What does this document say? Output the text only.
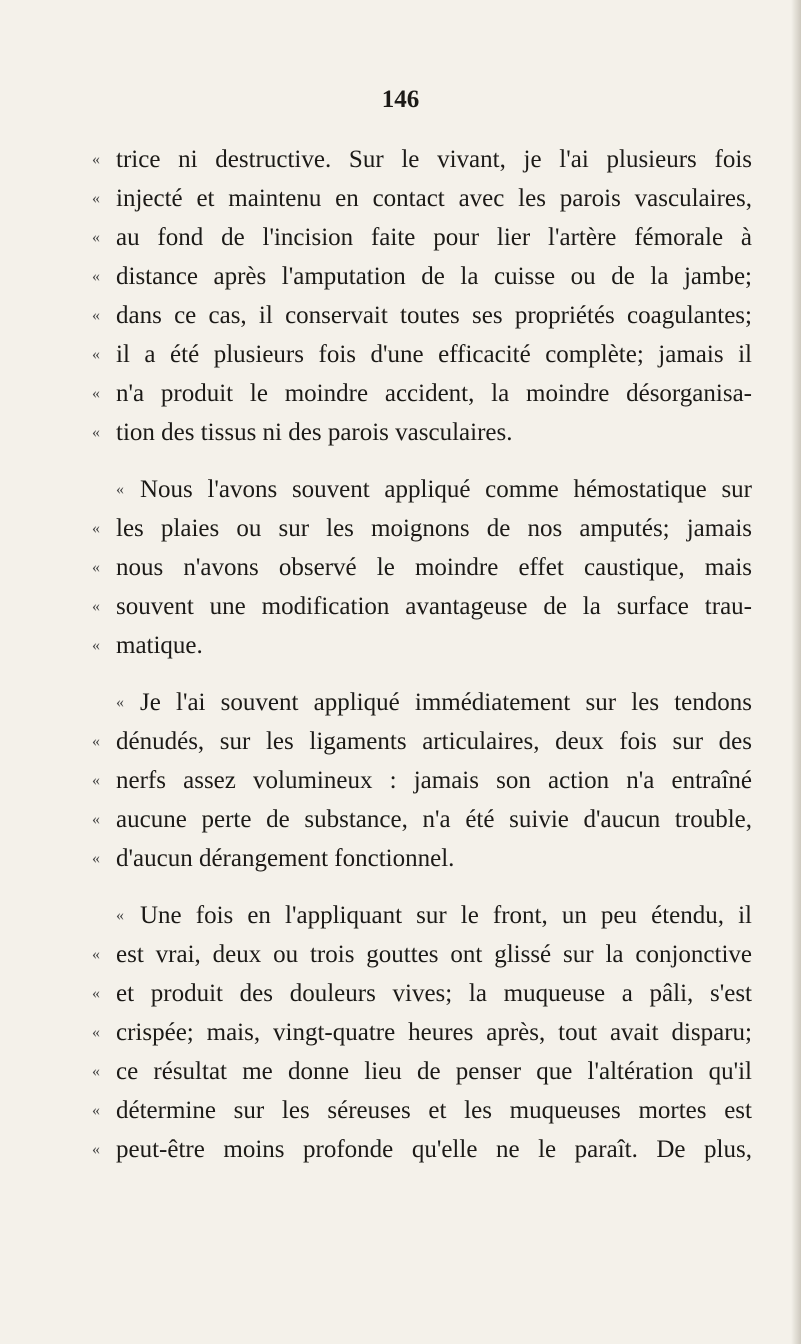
146
« trice ni destructive. Sur le vivant, je l'ai plusieurs fois
« injecté et maintenu en contact avec les parois vasculaires,
« au fond de l'incision faite pour lier l'artère fémorale à
« distance après l'amputation de la cuisse ou de la jambe;
« dans ce cas, il conservait toutes ses propriétés coagulantes;
« il a été plusieurs fois d'une efficacité complète; jamais il
« n'a produit le moindre accident, la moindre désorganisa-
« tion des tissus ni des parois vasculaires.
« Nous l'avons souvent appliqué comme hémostatique sur
« les plaies ou sur les moignons de nos amputés; jamais
« nous n'avons observé le moindre effet caustique, mais
« souvent une modification avantageuse de la surface trau-
« matique.
« Je l'ai souvent appliqué immédiatement sur les tendons
« dénudés, sur les ligaments articulaires, deux fois sur des
« nerfs assez volumineux : jamais son action n'a entraîné
« aucune perte de substance, n'a été suivie d'aucun trouble,
« d'aucun dérangement fonctionnel.
« Une fois en l'appliquant sur le front, un peu étendu, il
« est vrai, deux ou trois gouttes ont glissé sur la conjonctive
« et produit des douleurs vives; la muqueuse a pâli, s'est
« crispée; mais, vingt-quatre heures après, tout avait disparu;
« ce résultat me donne lieu de penser que l'altération qu'il
« détermine sur les séreuses et les muqueuses mortes est
« peut-être moins profonde qu'elle ne le paraît. De plus,
